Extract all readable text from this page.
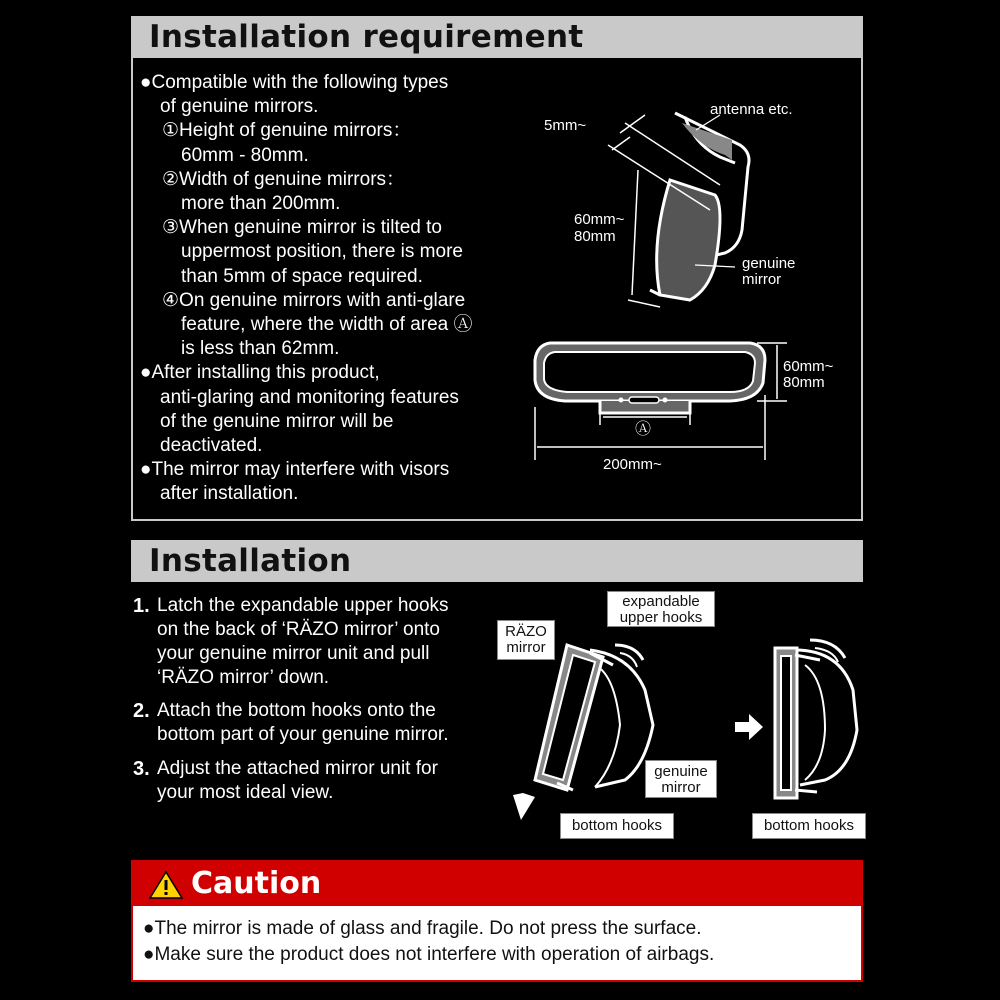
Installation requirement
●Compatible with the following types
of genuine mirrors.
①Height of genuine mirrors：
60mm - 80mm.
②Width of genuine mirrors：
more than 200mm.
③When genuine mirror is tilted to
uppermost position, there is more
than 5mm of space required.
④On genuine mirrors with anti-glare
feature, where the width of area Ⓐ
is less than 62mm.
●After installing this product,
anti-glaring and monitoring features
of the genuine mirror will be
deactivated.
●The mirror may interfere with visors
after installation.
5mm~
antenna etc.
60mm~
80mm
genuine
mirror
Ⓐ
200mm~
60mm~
80mm
Installation
1. Latch the expandable upper hooks
on the back of ‘RÄZO mirror’ onto
your genuine mirror unit and pull
‘RÄZO mirror’ down.
2. Attach the bottom hooks onto the
bottom part of your genuine mirror.
3. Adjust the attached mirror unit for
your most ideal view.
expandable
upper hooks
RÄZO
mirror
genuine
mirror
bottom hooks	bottom hooks
Caution
●The mirror is made of glass and fragile. Do not press the surface.
●Make sure the product does not interfere with operation of airbags.
